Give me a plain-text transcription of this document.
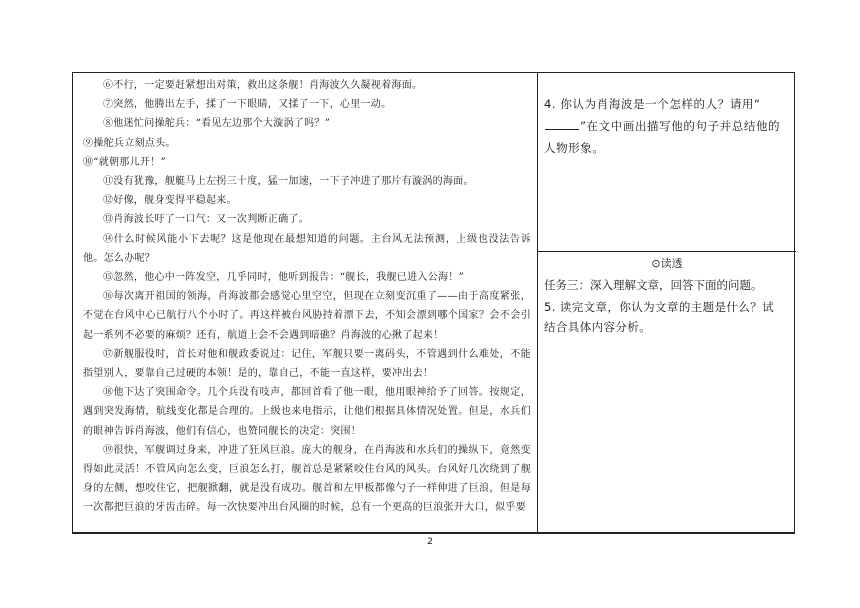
⑥不行，一定要赶紧想出对策，救出这条舰！肖海波久久凝视着海面。

⑦突然，他腾出左手，揉了一下眼睛，又揉了一下，心里一动。

⑧他迷忙问操舵兵：“看见左边那个大漩涡了吗？”

⑨操舵兵立刻点头。

⑩“就朝那儿开！”

⑪没有犹豫，舰艇马上左拐三十度，猛一加速，一下子冲进了那片有漩涡的海面。

⑫好像，舰身变得平稳起来。

⑬肖海波长吁了一口气：又一次判断正确了。

⑭什么时候风能小下去呢？这是他现在最想知道的问题。主台风无法预测，上级也没法告诉他。怎么办呢？

⑮忽然，他心中一阵发空，几乎同时，他听到报告：“舰长，我舰已进入公海！”

⑯每次离开祖国的领海，肖海波都会感觉心里空空，但现在立刻变沉重了——由于高度紧张，不觉在台风中心已航行八个小时了。再这样被台风胁持着漂下去，不知会漂到哪个国家？会不会引起一系列不必要的麻烦？还有，航道上会不会遇到暗礁？肖海波的心揪了起来！

⑰新舰服役时，首长对他和舰政委说过：记住，军舰只要一离码头，不管遇到什么难处，不能指望别人，要靠自己过硬的本领！是的，靠自己，不能一直这样，要冲出去！

⑱他下达了突围命令。几个兵没有吱声，都回首看了他一眼，他用眼神给予了回答。按规定，遇到突发海情，航线变化都是合理的。上级也来电指示，让他们根据具体情况处置。但是，水兵们的眼神告诉肖海波，他们有信心，也赞同舰长的决定：突围！

⑲很快，军舰调过身来，冲进了狂风巨浪。庞大的舰身，在肖海波和水兵们的操纵下，竟然变得如此灵活！不管风向怎么变，巨浪怎么打，舰首总是紧紧咬住台风的风头。台风好几次绕到了舰身的左侧，想咬住它，把舰掀翻，就是没有成功。舰首和左甲板都像勺子一样伸进了巨浪，但是每一次都把巨浪的牙齿击碎。每一次快要冲出台风圈的时候，总有一个更高的巨浪张开大口，似乎要

4. 你认为肖海波是一个怎样的人？请用“”在文中画出描写他的句子并总结他的人物形象。
⊙读透
任务三：深入理解文章，回答下面的问题。
5. 读完文章，你认为文章的主题是什么？试结合具体内容分析。
2
